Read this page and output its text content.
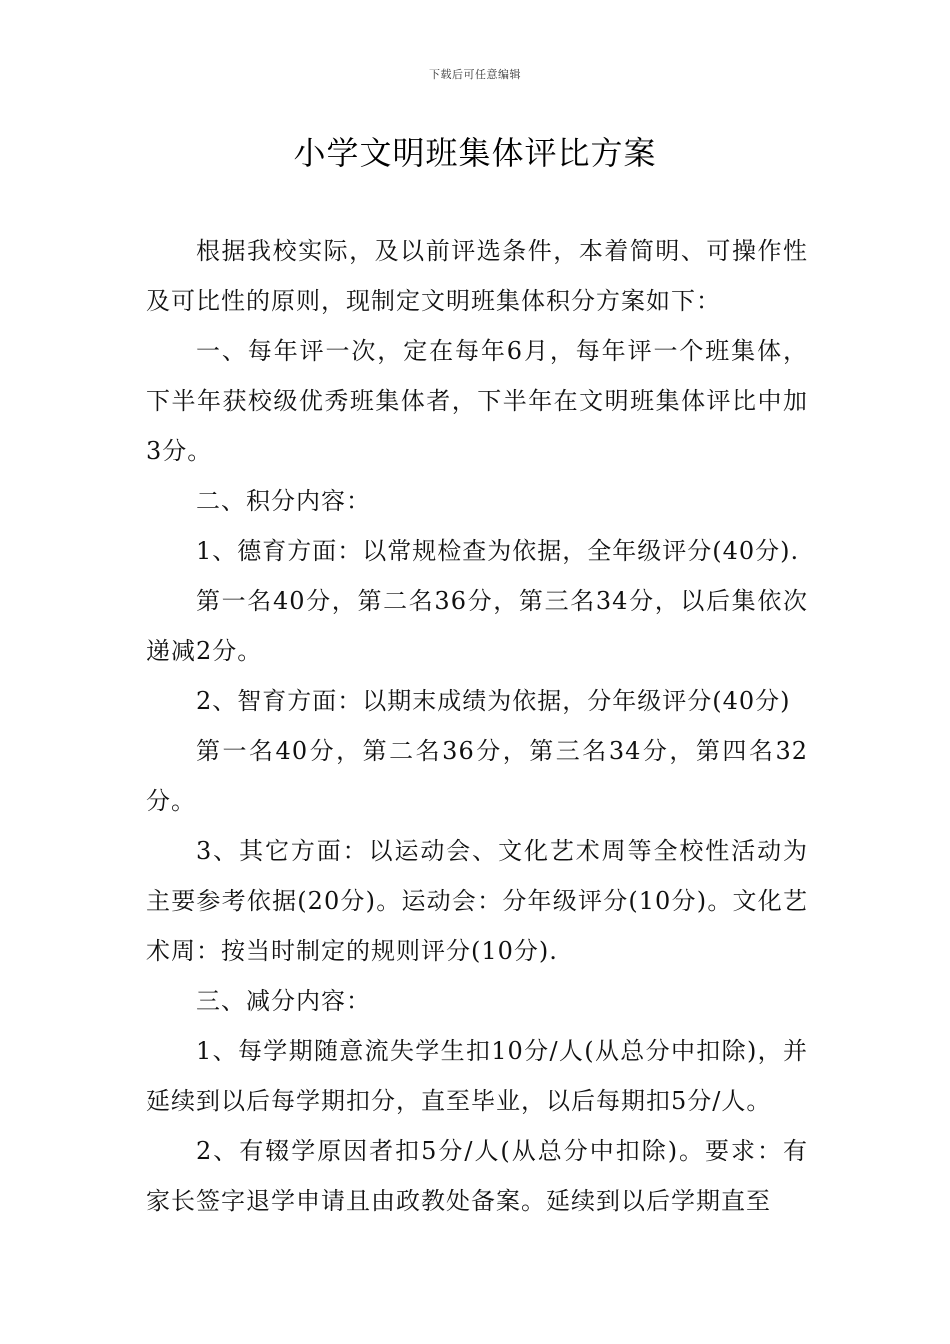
下载后可任意编辑
小学文明班集体评比方案

根据我校实际，及以前评选条件，本着简明、可操作性及可比性的原则，现制定文明班集体积分方案如下：

一、每年评一次，定在每年6月，每年评一个班集体，下半年获校级优秀班集体者，下半年在文明班集体评比中加3分。

二、积分内容：

1、德育方面：以常规检查为依据，全年级评分(40分).

第一名40分，第二名36分，第三名34分，以后集依次递减2分。

2、智育方面：以期末成绩为依据，分年级评分(40分)

第一名40分，第二名36分，第三名34分，第四名32分。

3、其它方面：以运动会、文化艺术周等全校性活动为主要参考依据(20分)。运动会：分年级评分(10分)。文化艺术周：按当时制定的规则评分(10分).

三、减分内容：

1、每学期随意流失学生扣10分/人(从总分中扣除)，并延续到以后每学期扣分，直至毕业，以后每期扣5分/人。

2、有辍学原因者扣5分/人(从总分中扣除)。要求：有家长签字退学申请且由政教处备案。延续到以后学期直至
